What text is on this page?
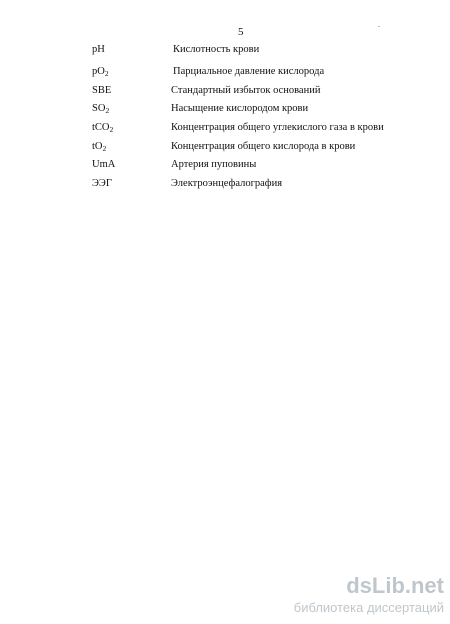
5
.
pH	Кислотность крови
pO2	Парциальное давление кислорода
SBE	Стандартный избыток оснований
SO2	Насыщение кислородом крови
tCO2	Концентрация общего углекислого газа в крови
tO2	Концентрация общего кислорода в крови
UmA	Артерия пуповины
ЭЭГ	Электроэнцефалография
dsLib.net
библиотека диссертаций
